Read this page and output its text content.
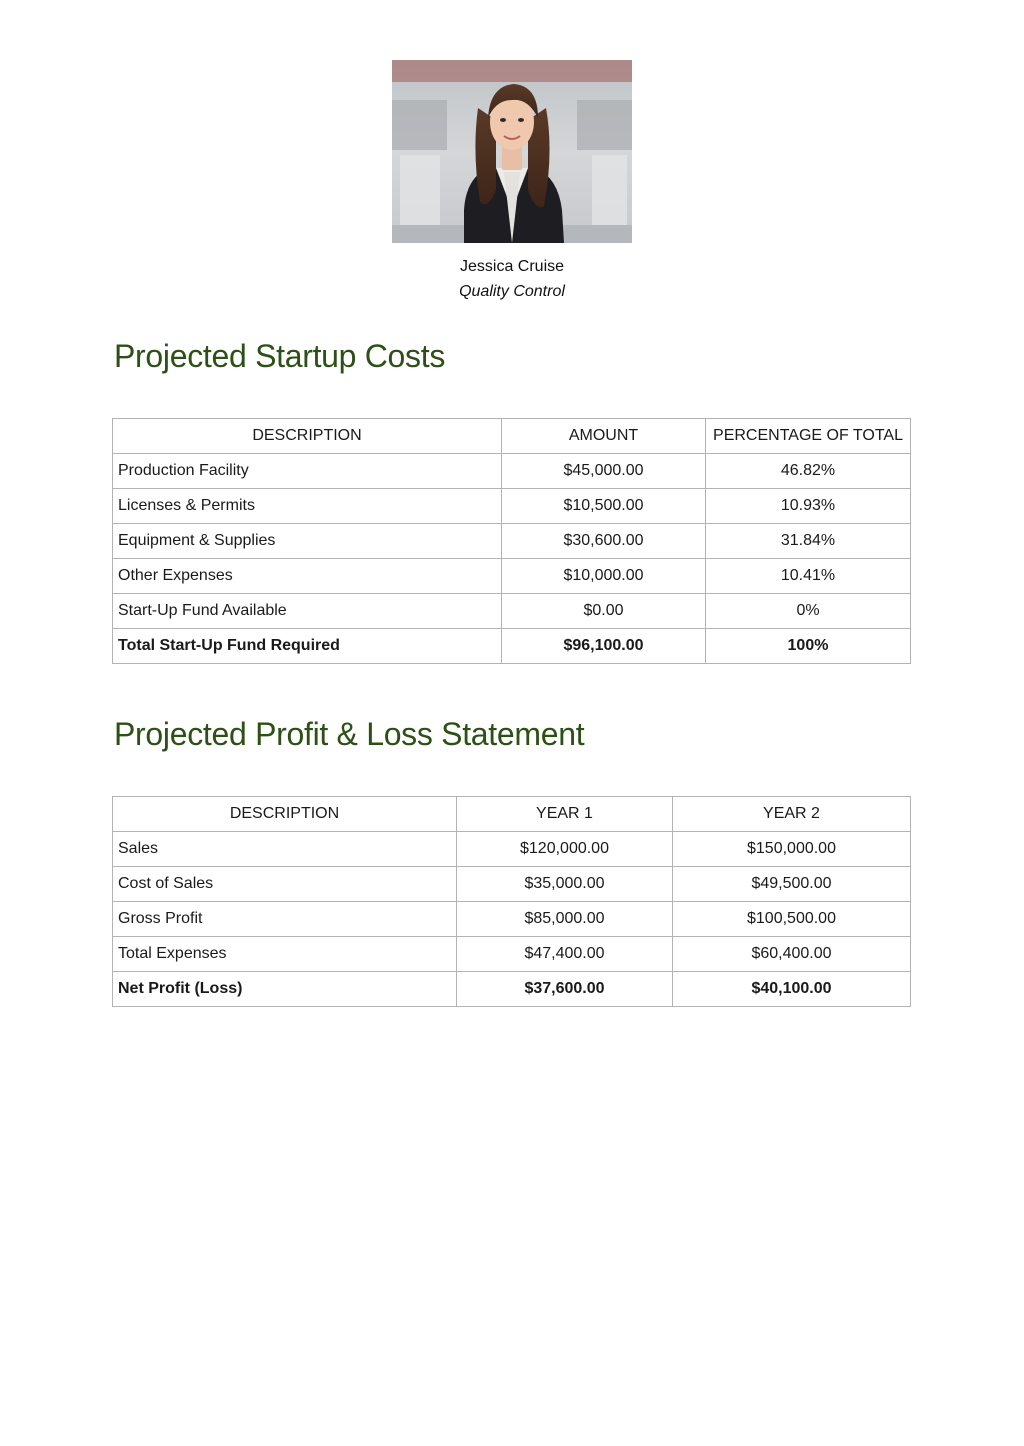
Jessica Cruise
Quality Control
Projected Startup Costs
DESCRIPTION	AMOUNT	PERCENTAGE OF TOTAL
Production Facility	$45,000.00	46.82%
Licenses & Permits	$10,500.00	10.93%
Equipment & Supplies	$30,600.00	31.84%
Other Expenses	$10,000.00	10.41%
Start-Up Fund Available	$0.00	0%
Total Start-Up Fund Required	$96,100.00	100%
Projected Profit & Loss Statement
DESCRIPTION	YEAR 1	YEAR 2
Sales	$120,000.00	$150,000.00
Cost of Sales	$35,000.00	$49,500.00
Gross Profit	$85,000.00	$100,500.00
Total Expenses	$47,400.00	$60,400.00
Net Profit (Loss)	$37,600.00	$40,100.00
